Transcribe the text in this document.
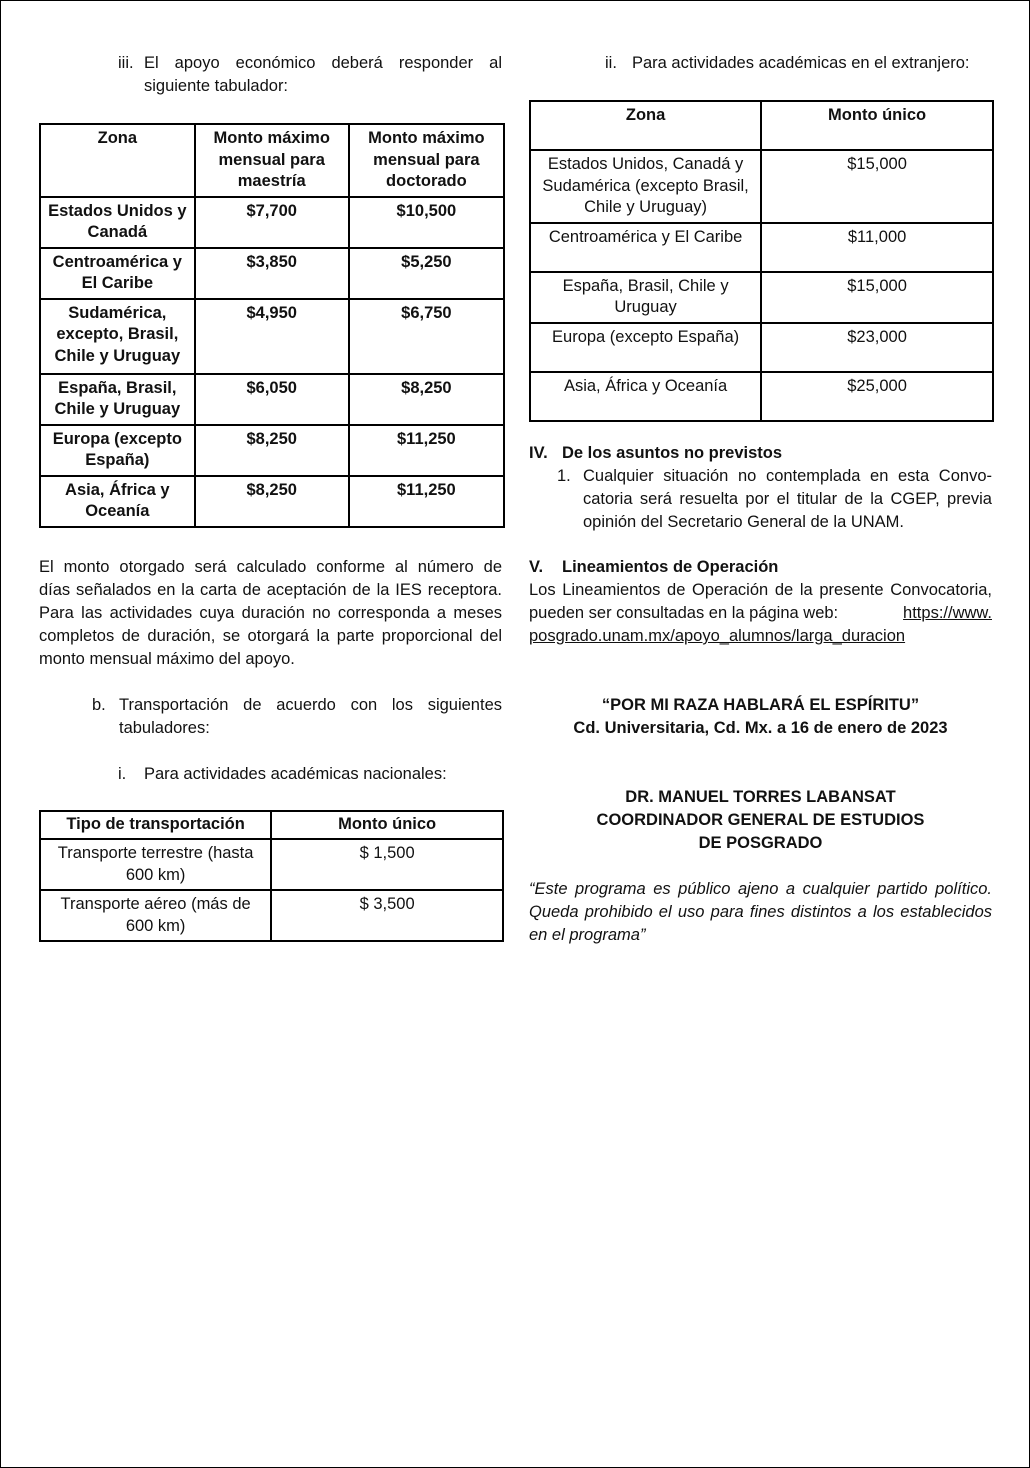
iii. El apoyo económico deberá responder al
siguiente tabulador:
Zona	Monto máximo mensual para maestría	Monto máximo mensual para doctorado
Estados Unidos y Canadá	$7,700	$10,500
Centroamérica y El Caribe	$3,850	$5,250
Sudamérica, excepto, Brasil, Chile y Uruguay	$4,950	$6,750
España, Brasil, Chile y Uruguay	$6,050	$8,250
Europa (excepto España)	$8,250	$11,250
Asia, África y Oceanía	$8,250	$11,250
El monto otorgado será calculado conforme al número de
días señalados en la carta de aceptación de la IES receptora.
Para las actividades cuya duración no corresponda a meses
completos de duración, se otorgará la parte proporcional del
monto mensual máximo del apoyo.
b. Transportación de acuerdo con los siguientes
tabuladores:
i. Para actividades académicas nacionales:
Tipo de transportación	Monto único
Transporte terrestre (hasta 600 km)	$ 1,500
Transporte aéreo (más de 600 km)	$ 3,500
ii. Para actividades académicas en el extranjero:
Zona	Monto único
Estados Unidos, Canadá y Sudamérica (excepto Brasil, Chile y Uruguay)	$15,000
Centroamérica y El Caribe	$11,000
España, Brasil, Chile y Uruguay	$15,000
Europa (excepto España)	$23,000
Asia, África y Oceanía	$25,000
IV. De los asuntos no previstos
1. Cualquier situación no contemplada en esta Convo-
catoria será resuelta por el titular de la CGEP, previa
opinión del Secretario General de la UNAM.
V. Lineamientos de Operación
Los Lineamientos de Operación de la presente Convocatoria,
pueden ser consultadas en la página web:	https://www.
posgrado.unam.mx/apoyo_alumnos/larga_duracion
“POR MI RAZA HABLARÁ EL ESPÍRITU”
Cd. Universitaria, Cd. Mx. a 16 de enero de 2023
DR. MANUEL TORRES LABANSAT
COORDINADOR GENERAL DE ESTUDIOS
DE POSGRADO
“Este programa es público ajeno a cualquier partido político.
Queda prohibido el uso para fines distintos a los establecidos
en el programa”
